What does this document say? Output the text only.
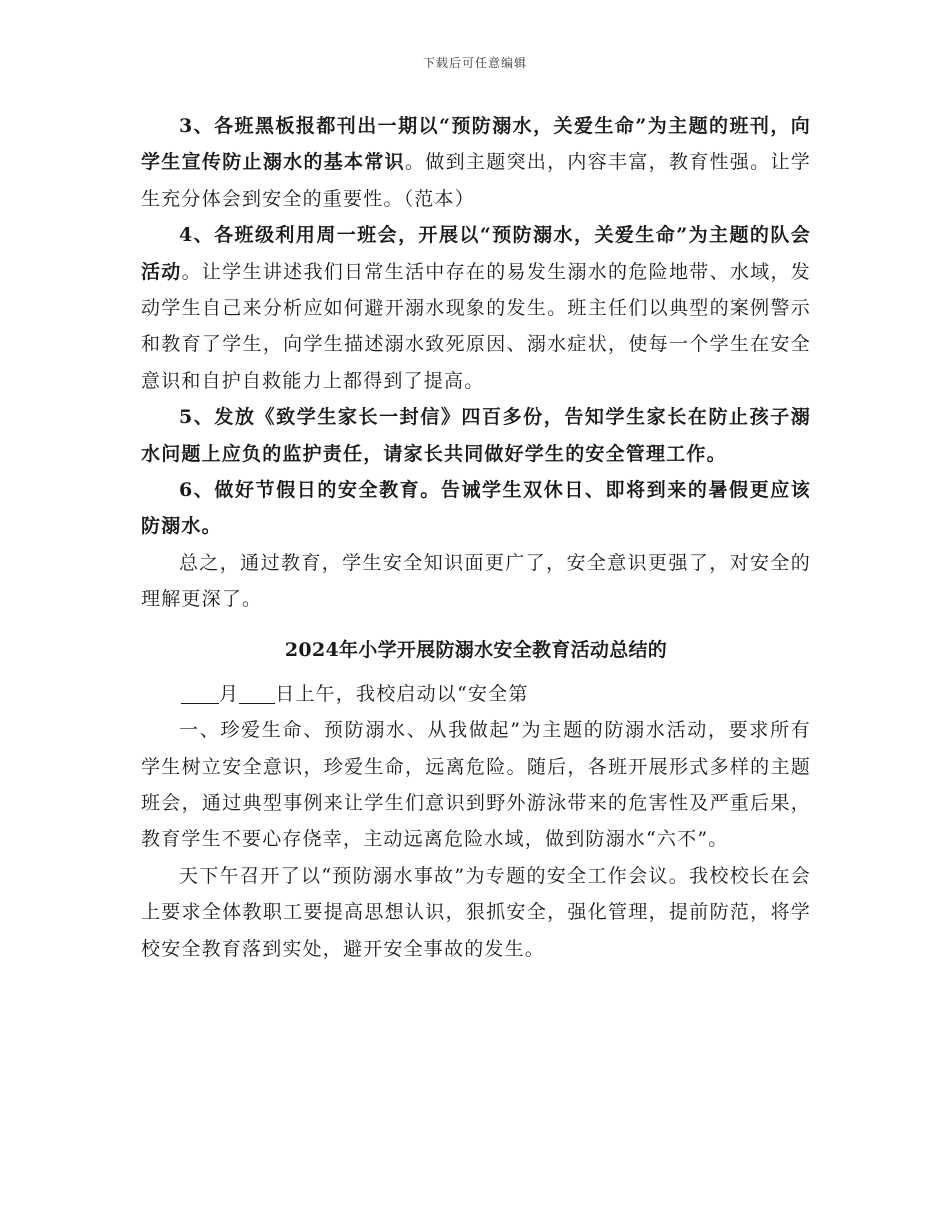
下载后可任意编辑

3、各班黑板报都刊出一期以“预防溺水，关爱生命”为主题的班刊，向学生宣传防止溺水的基本常识。做到主题突出，内容丰富，教育性强。让学生充分体会到安全的重要性。（范本）

4、各班级利用周一班会，开展以“预防溺水，关爱生命”为主题的队会活动。让学生讲述我们日常生活中存在的易发生溺水的危险地带、水域，发动学生自己来分析应如何避开溺水现象的发生。班主任们以典型的案例警示和教育了学生，向学生描述溺水致死原因、溺水症状，使每一个学生在安全意识和自护自救能力上都得到了提高。

5、发放《致学生家长一封信》四百多份，告知学生家长在防止孩子溺水问题上应负的监护责任，请家长共同做好学生的安全管理工作。

6、做好节假日的安全教育。告诫学生双休日、即将到来的暑假更应该防溺水。

总之，通过教育，学生安全知识面更广了，安全意识更强了，对安全的理解更深了。

2024年小学开展防溺水安全教育活动总结的

月 日上午，我校启动以“安全第

一、珍爱生命、预防溺水、从我做起”为主题的防溺水活动，要求所有学生树立安全意识，珍爱生命，远离危险。随后，各班开展形式多样的主题班会，通过典型事例来让学生们意识到野外游泳带来的危害性及严重后果，教育学生不要心存侥幸，主动远离危险水域，做到防溺水“六不”。

天下午召开了以“预防溺水事故”为专题的安全工作会议。我校校长在会上要求全体教职工要提高思想认识，狠抓安全，强化管理，提前防范，将学校安全教育落到实处，避开安全事故的发生。
